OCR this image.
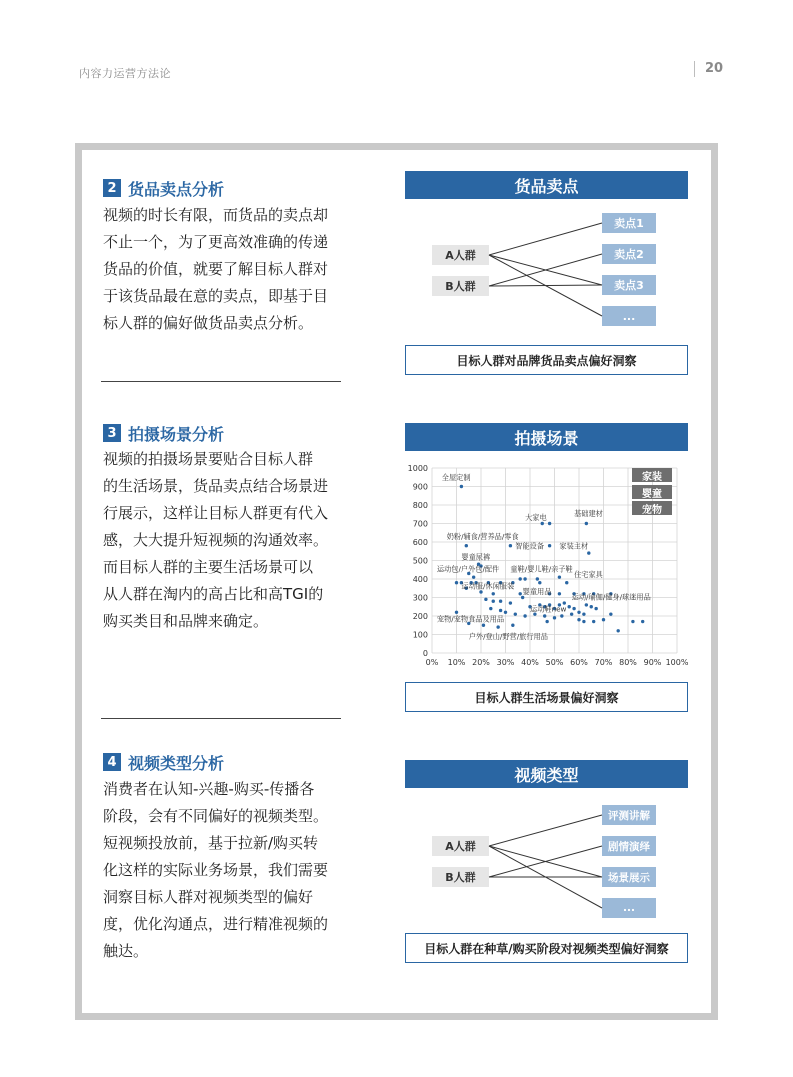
内容力运营方法论	20
2 货品卖点分析
视频的时长有限，而货品的卖点却
不止一个，为了更高效准确的传递
货品的价值，就要了解目标人群对
于该货品最在意的卖点，即基于目
标人群的偏好做货品卖点分析。
货品卖点
A人群
B人群
卖点1
卖点2
卖点3
...
目标人群对品牌货品卖点偏好洞察
3 拍摄场景分析
视频的拍摄场景要贴合目标人群
的生活场景，货品卖点结合场景进
行展示，这样让目标人群更有代入
感，大大提升短视频的沟通效率。
而目标人群的主要生活场景可以
从人群在淘内的高占比和高TGI的
购买类目和品牌来确定。
拍摄场景
0
100
200
300
400
500
600
700
800
900
1000
0% 10% 20% 30% 40% 50% 60% 70% 80% 90% 100%
全屋定制
大家电	基础建材
奶粉/辅食/营养品/零食
智能设备 家装主材
婴童尿裤
运动包/户外包/配件 童鞋/婴儿鞋/亲子鞋
住宅家具
运动服/休闲服装
婴童用品
运动/瑜伽/健身/球迷用品
运动鞋new
宠物/宠物食品及用品
户外/登山/野营/旅行用品
家装
婴童
宠物
目标人群生活场景偏好洞察
4 视频类型分析
消费者在认知-兴趣-购买-传播各
阶段，会有不同偏好的视频类型。
短视频投放前，基于拉新/购买转
化这样的实际业务场景，我们需要
洞察目标人群对视频类型的偏好
度，优化沟通点，进行精准视频的
触达。
视频类型
A人群
B人群
评测讲解
剧情演绎
场景展示
...
目标人群在种草/购买阶段对视频类型偏好洞察
